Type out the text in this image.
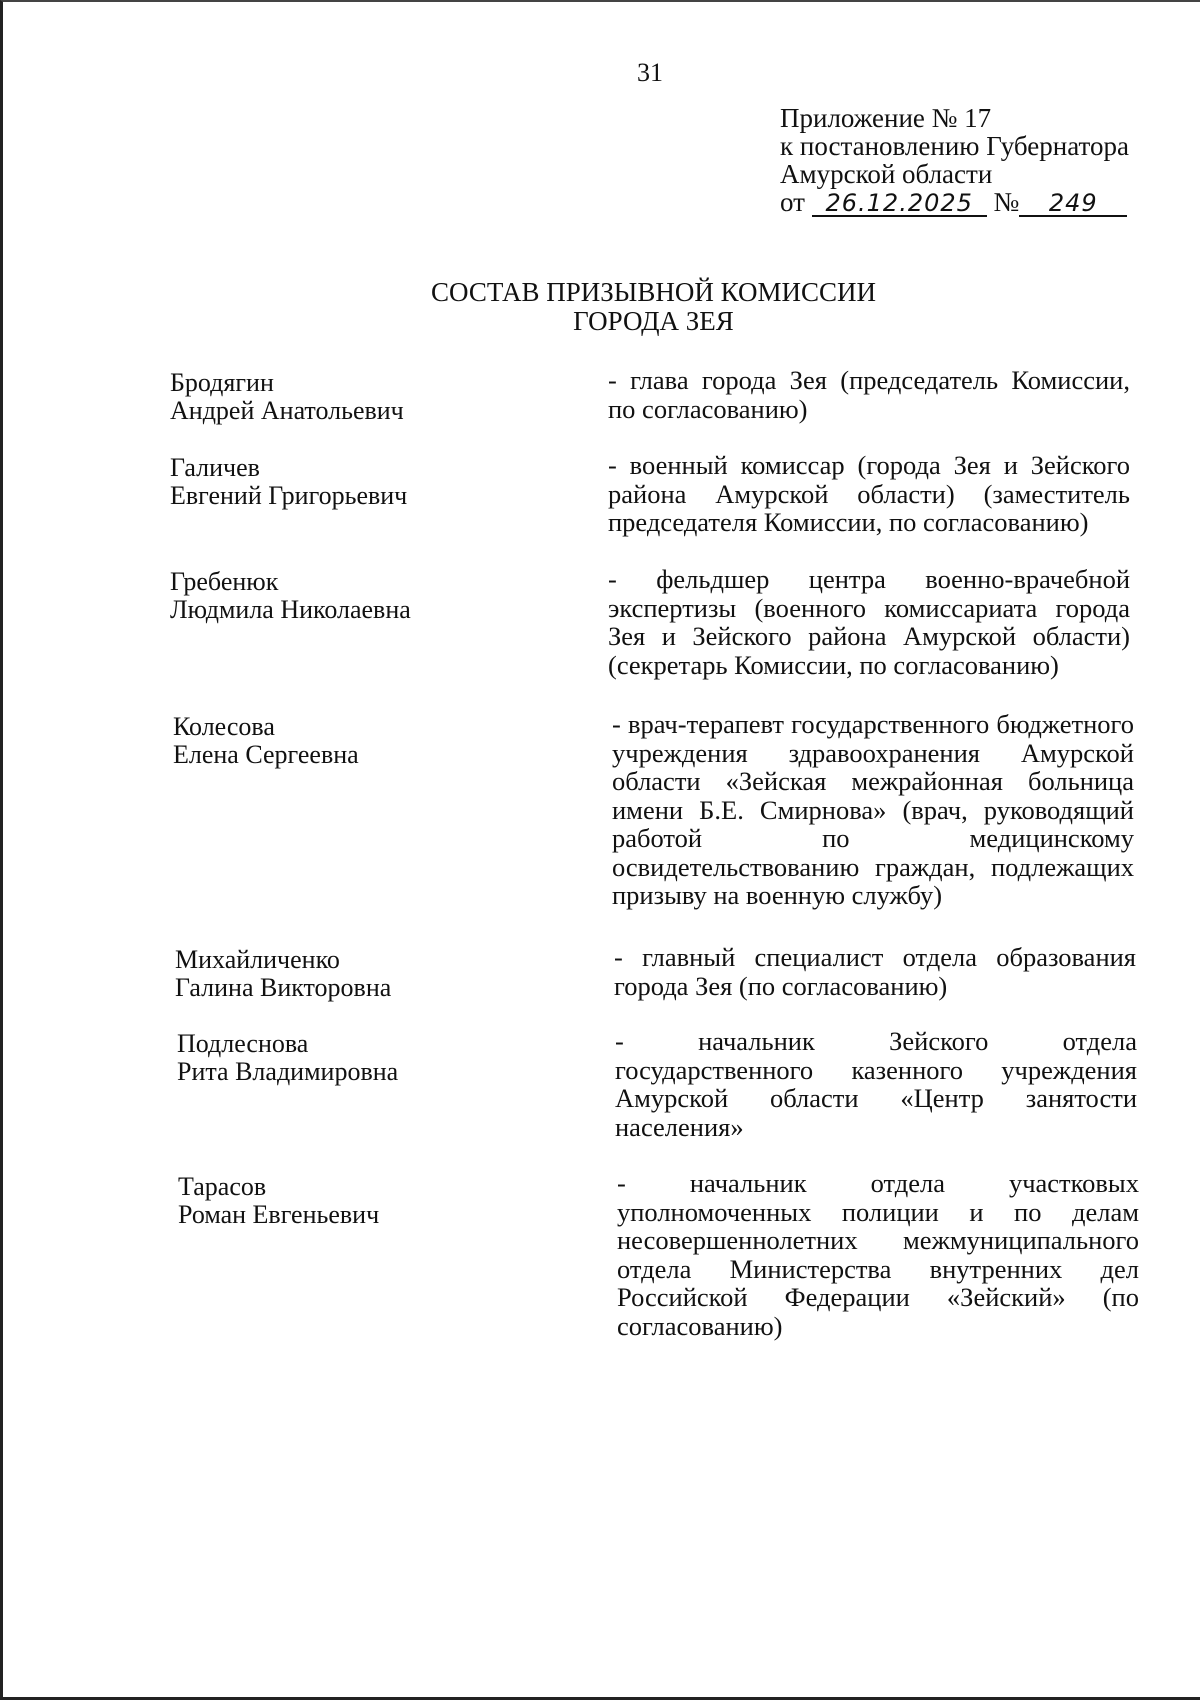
31
Приложение № 17
к постановлению Губернатора
Амурской области
от 26.12.2025 № 249
СОСТАВ ПРИЗЫВНОЙ КОМИССИИ
ГОРОДА ЗЕЯ
Бродягин
Андрей Анатольевич
- глава города Зея (председатель Комиссии, по согласованию)
Галичев
Евгений Григорьевич
- военный комиссар (города Зея и Зейского района Амурской области) (заместитель председателя Комиссии, по согласованию)
Гребенюк
Людмила Николаевна
- фельдшер центра военно-врачебной экспертизы (военного комиссариата города Зея и Зейского района Амурской области) (секретарь Комиссии, по согласованию)
Колесова
Елена Сергеевна
- врач-терапевт государственного бюджетного учреждения здравоохранения Амурской области «Зейская межрайонная больница имени Б.Е. Смирнова» (врач, руководящий работой по медицинскому освидетельствованию граждан, подлежащих призыву на военную службу)
Михайличенко
Галина Викторовна
- главный специалист отдела образования города Зея (по согласованию)
Подлеснова
Рита Владимировна
- начальник Зейского отдела государственного казенного учреждения Амурской области «Центр занятости населения»
Тарасов
Роман Евгеньевич
- начальник отдела участковых уполномоченных полиции и по делам несовершеннолетних межмуниципального отдела Министерства внутренних дел Российской Федерации «Зейский» (по согласованию)
